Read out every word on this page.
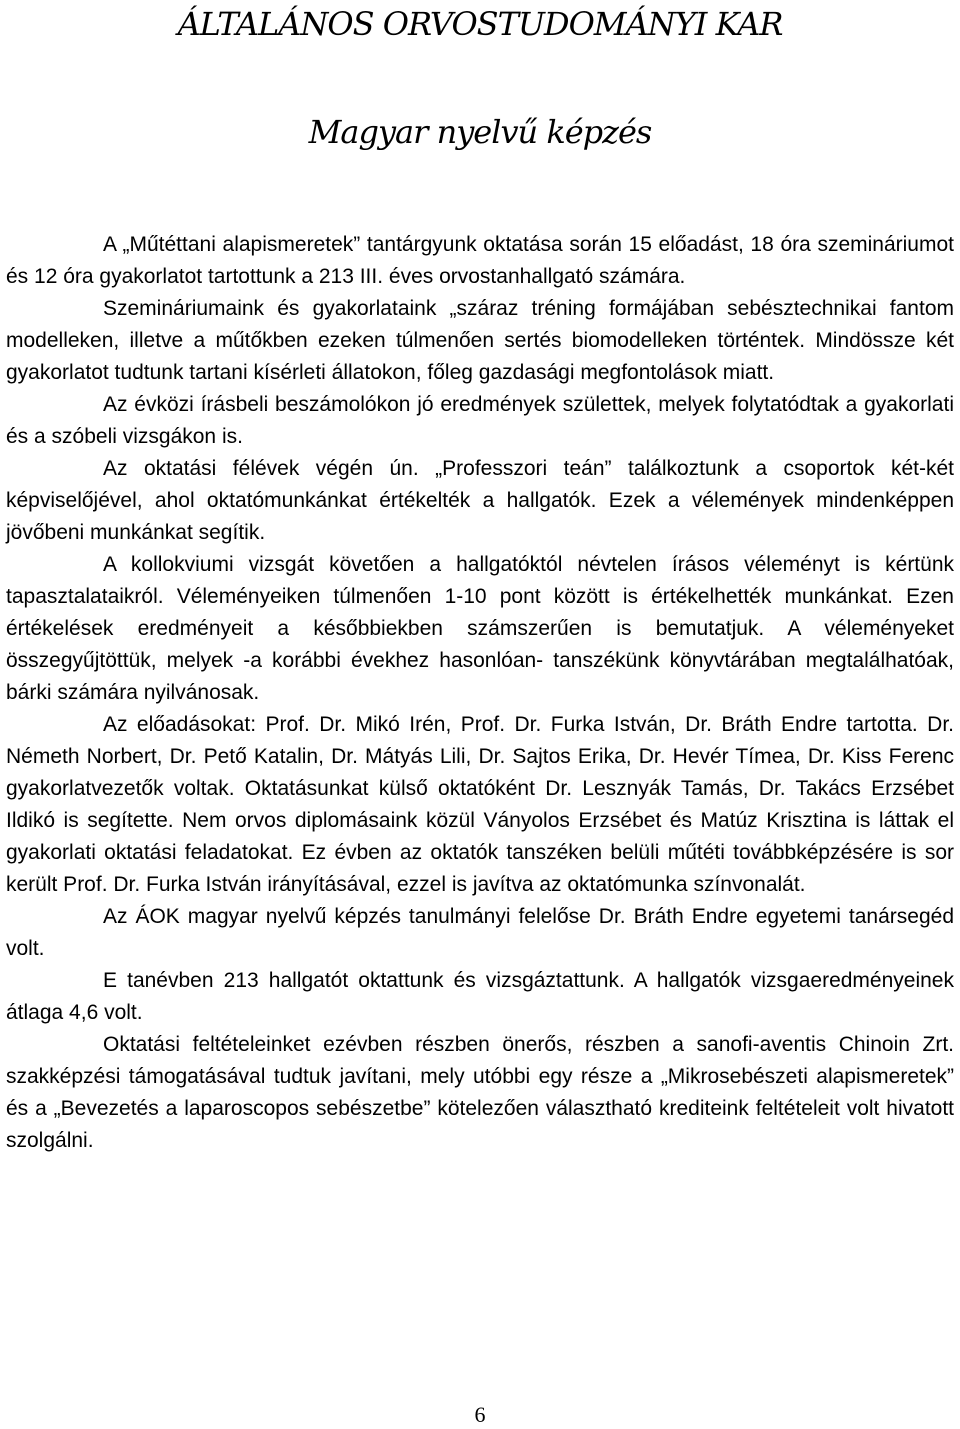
ÁLTALÁNOS ORVOSTUDOMÁNYI KAR
Magyar nyelvű képzés

A „Műtéttani alapismeretek” tantárgyunk oktatása során 15 előadást, 18 óra szemináriumot és 12 óra gyakorlatot tartottunk a 213 III. éves orvostanhallgató számára.

Szemináriumaink és gyakorlataink „száraz tréning formájában sebésztechnikai fantom modelleken, illetve a műtőkben ezeken túlmenően sertés biomodelleken történtek. Mindössze két gyakorlatot tudtunk tartani kísérleti állatokon, főleg gazdasági megfontolások miatt.

Az évközi írásbeli beszámolókon jó eredmények születtek, melyek folytatódtak a gyakorlati és a szóbeli vizsgákon is.

Az oktatási félévek végén ún. „Professzori teán” találkoztunk a csoportok két-két képviselőjével, ahol oktatómunkánkat értékelték a hallgatók. Ezek a vélemények mindenképpen jövőbeni munkánkat segítik.

A kollokviumi vizsgát követően a hallgatóktól névtelen írásos véleményt is kértünk tapasztalataikról. Véleményeiken túlmenően 1-10 pont között is értékelhették munkánkat. Ezen értékelések eredményeit a későbbiekben számszerűen is bemutatjuk. A véleményeket összegyűjtöttük, melyek -a korábbi évekhez hasonlóan- tanszékünk könyvtárában megtalálhatóak, bárki számára nyilvánosak.

Az előadásokat: Prof. Dr. Mikó Irén, Prof. Dr. Furka István, Dr. Bráth Endre tartotta. Dr. Németh Norbert, Dr. Pető Katalin, Dr. Mátyás Lili, Dr. Sajtos Erika, Dr. Hevér Tímea, Dr. Kiss Ferenc gyakorlatvezetők voltak. Oktatásunkat külső oktatóként Dr. Lesznyák Tamás, Dr. Takács Erzsébet Ildikó is segítette. Nem orvos diplomásaink közül Ványolos Erzsébet és Matúz Krisztina is láttak el gyakorlati oktatási feladatokat. Ez évben az oktatók tanszéken belüli műtéti továbbképzésére is sor került Prof. Dr. Furka István irányításával, ezzel is javítva az oktatómunka színvonalát.

Az ÁOK magyar nyelvű képzés tanulmányi felelőse Dr. Bráth Endre egyetemi tanársegéd volt.

E tanévben 213 hallgatót oktattunk és vizsgáztattunk. A hallgatók vizsgaeredményeinek átlaga 4,6 volt.

Oktatási feltételeinket ezévben részben önerős, részben a sanofi-aventis Chinoin Zrt. szakképzési támogatásával tudtuk javítani, mely utóbbi egy része a „Mikrosebészeti alapismeretek” és a „Bevezetés a laparoscopos sebészetbe” kötelezően választható krediteink feltételeit volt hivatott szolgálni.

6
